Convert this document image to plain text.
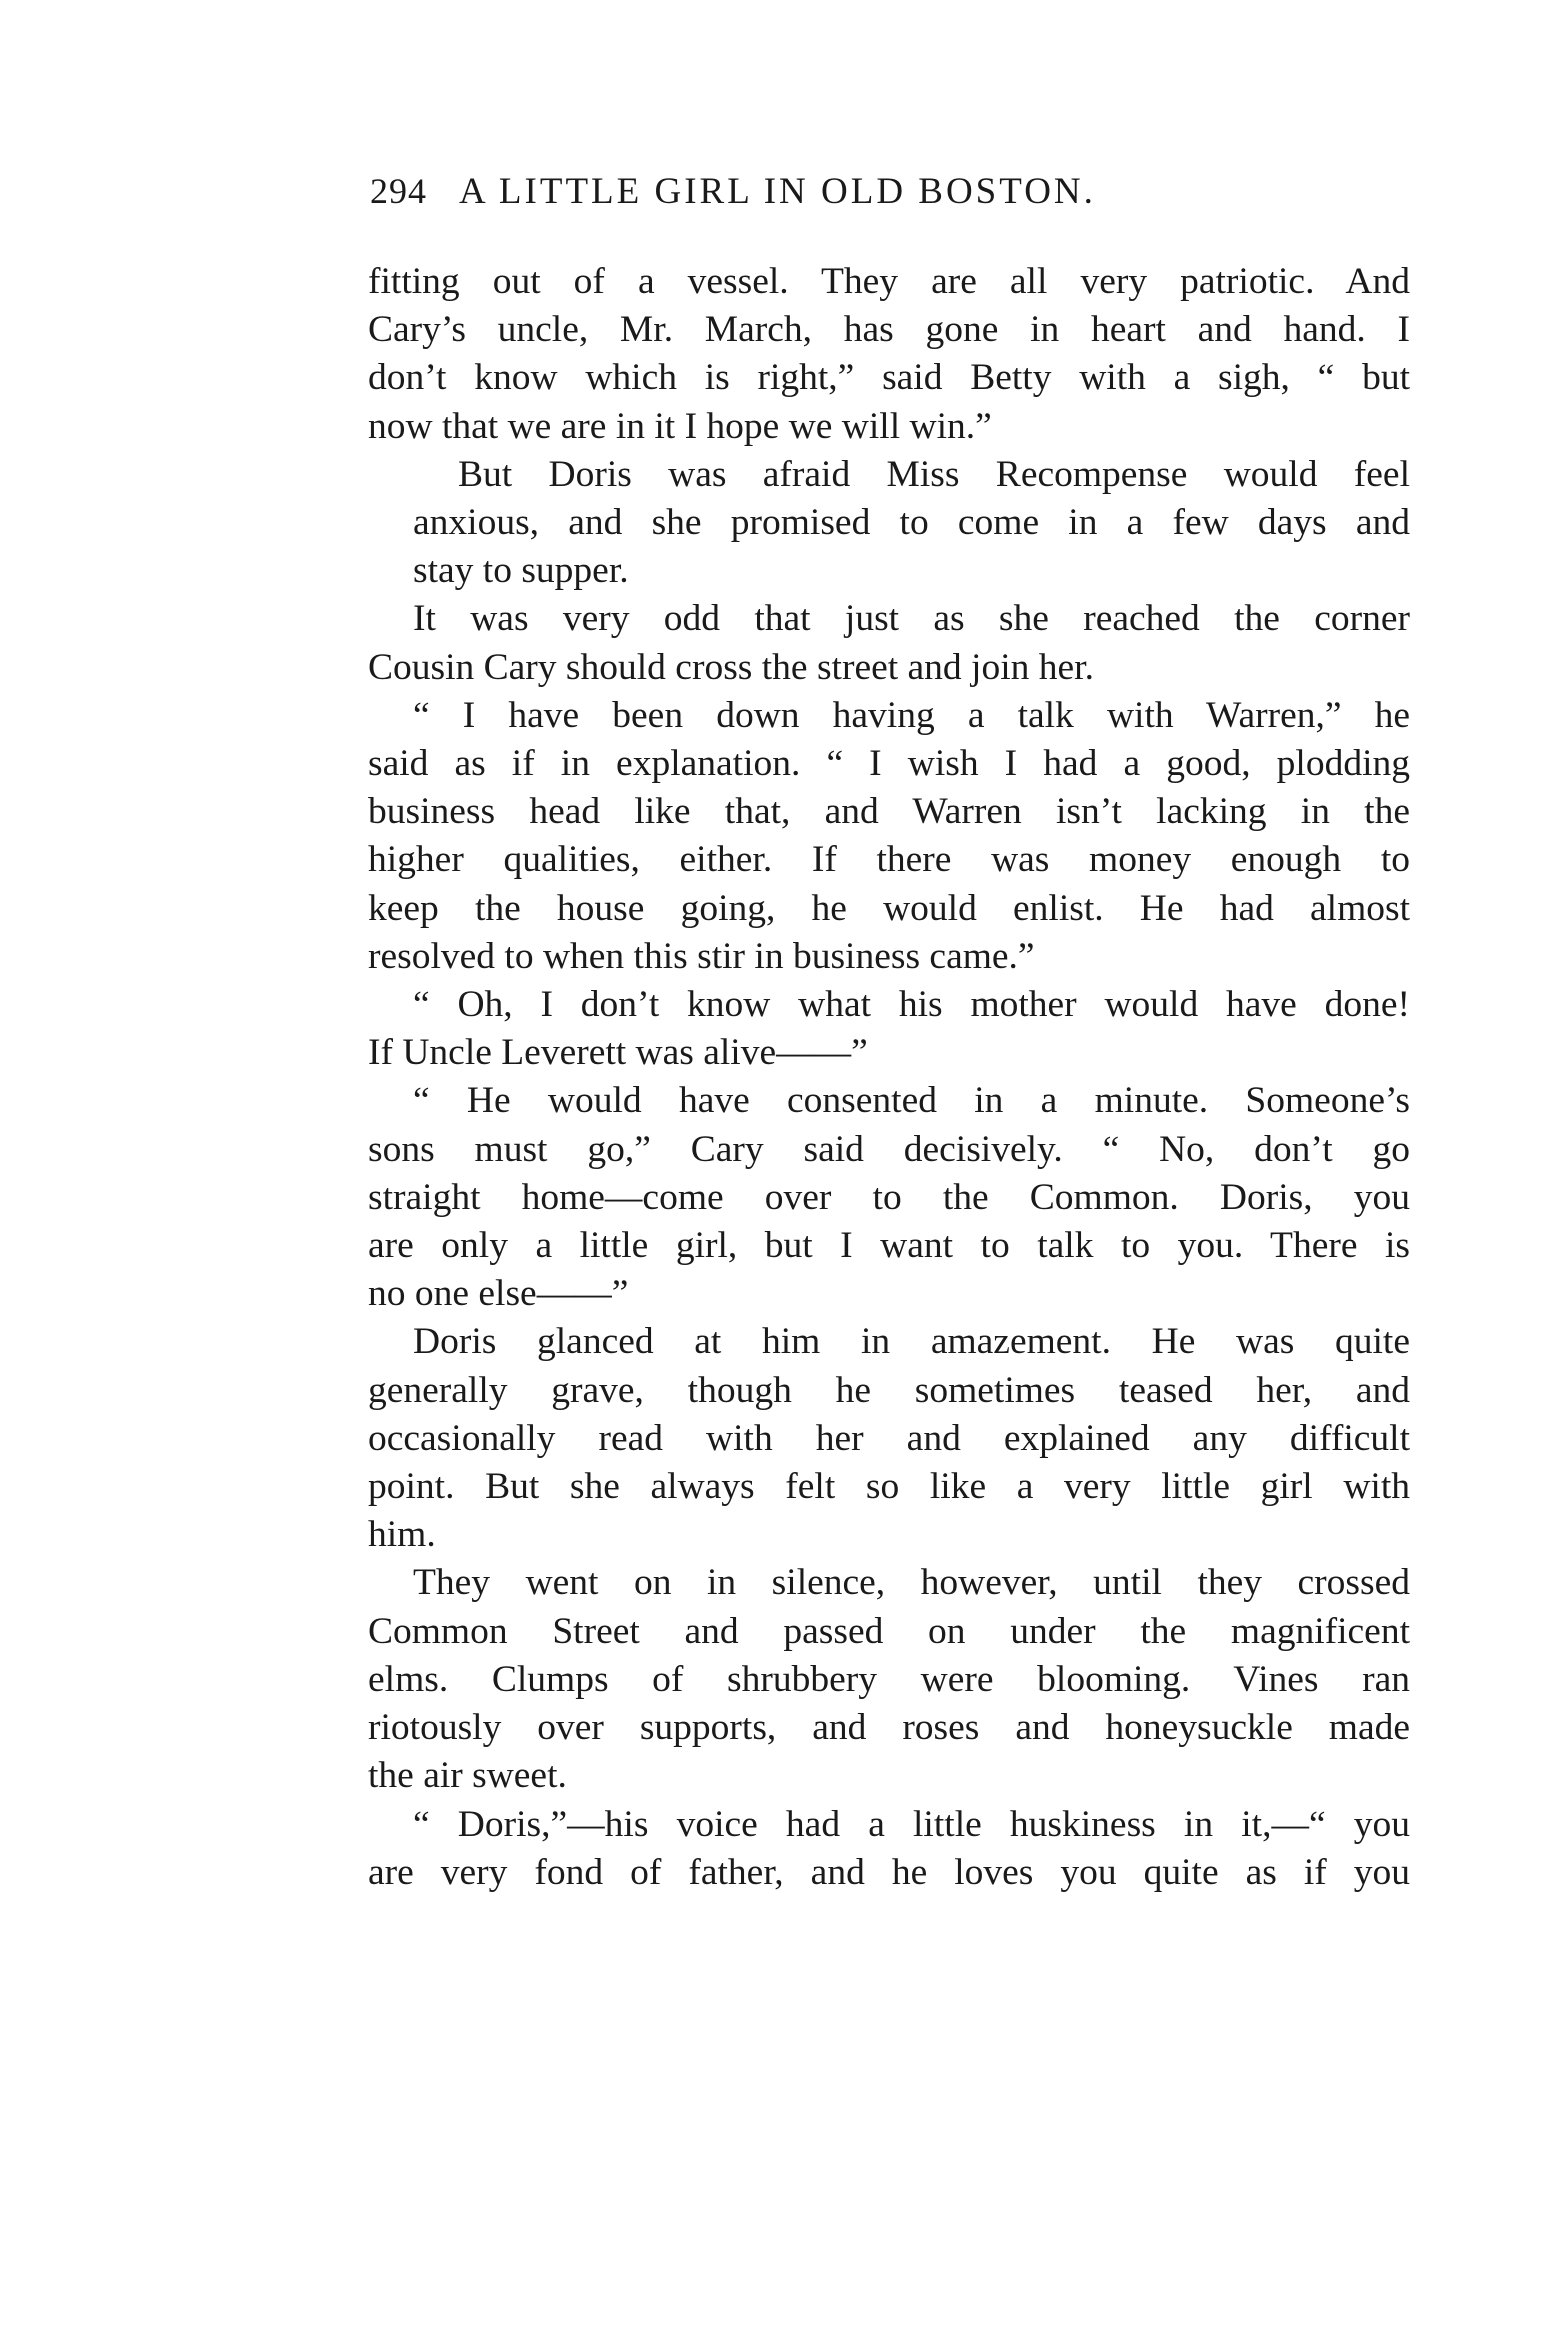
294 A LITTLE GIRL IN OLD BOSTON.

fitting out of a vessel. They are all very patriotic. And
Cary’s uncle, Mr. March, has gone in heart and hand. I
don’t know which is right,” said Betty with a sigh, “ but
now that we are in it I hope we will win.”

But Doris was afraid Miss Recompense would feel
anxious, and she promised to come in a few days and
stay to supper.

It was very odd that just as she reached the corner
Cousin Cary should cross the street and join her.

“ I have been down having a talk with Warren,” he
said as if in explanation. “ I wish I had a good, plodding
business head like that, and Warren isn’t lacking in the
higher qualities, either. If there was money enough to
keep the house going, he would enlist. He had almost
resolved to when this stir in business came.”

“ Oh, I don’t know what his mother would have done!
If Uncle Leverett was alive——”

“ He would have consented in a minute. Someone’s
sons must go,” Cary said decisively. “ No, don’t go
straight home—come over to the Common. Doris, you
are only a little girl, but I want to talk to you. There is
no one else——”

Doris glanced at him in amazement. He was quite
generally grave, though he sometimes teased her, and
occasionally read with her and explained any difficult
point. But she always felt so like a very little girl with
him.

They went on in silence, however, until they crossed
Common Street and passed on under the magnificent
elms. Clumps of shrubbery were blooming. Vines ran
riotously over supports, and roses and honeysuckle made
the air sweet.

“ Doris,”—his voice had a little huskiness in it,—“ you
are very fond of father, and he loves you quite as if you
